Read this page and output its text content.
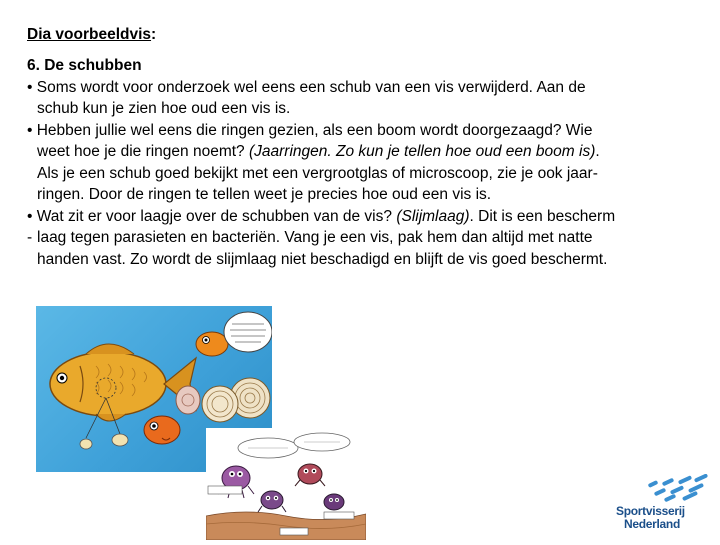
Dia voorbeeldvis:
6. De schubben
• Soms wordt voor onderzoek wel eens een schub van een vis verwijderd. Aan de
schub kun je zien hoe oud een vis is.
• Hebben jullie wel eens die ringen gezien, als een boom wordt doorgezaagd? Wie
weet hoe je die ringen noemt? (Jaarringen. Zo kun je tellen hoe oud een boom is).
Als je een schub goed bekijkt met een vergrootglas of microscoop, zie je ook jaar-
ringen. Door de ringen te tellen weet je precies hoe oud een vis is.
• Wat zit er voor laagje over de schubben van de vis? (Slijmlaag). Dit is een bescherm
- laag tegen parasieten en bacteriën. Vang je een vis, pak hem dan altijd met natte
handen vast. Zo wordt de slijmlaag niet beschadigd en blijft de vis goed beschermt.
Sportvisserij
Nederland
